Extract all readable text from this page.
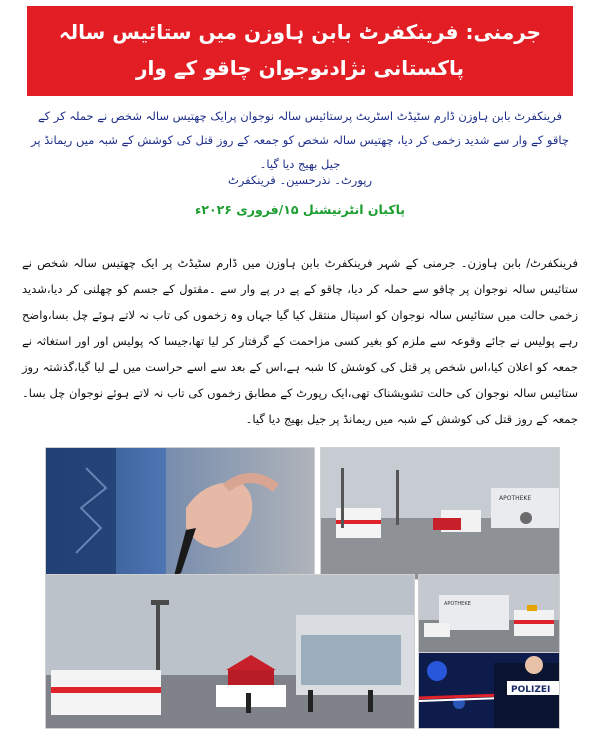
جرمنی: فرینکفرٹ بابن ہاوزن میں ستائیس سالہ پاکستانی نژادنوجوان چاقو کے وار
سے شدیدزخمی
فرینکفرٹ بابن ہاوزن ڈارم سٹیڈٹ اسٹریٹ پرستائیس سالہ نوجوان پرایک چھتیس سالہ شخص نے حملہ کر کے چاقو کے وار سے شدید زخمی کر دیا، چھتیس سالہ شخص کو جمعہ کے روز قتل کی کوشش کے شبہ میں ریمانڈ پر جیل بھیج دیا گیا۔
رپورٹ۔ نذرحسین۔ فرینکفرٹ
پاکبان انٹرنیشنل ۱۵/فروری ۲۰۲۶ء
فرینکفرٹ/ بابن ہاوزن۔ جرمنی کے شہر فرینکفرٹ بابن ہاوزن میں ڈارم سٹیڈٹ پر ایک چھتیس سالہ شخص نے ستائیس سالہ نوجوان پر چاقو سے حملہ کر دیا، چاقو کے پے در پے وار سے ۔مقتول کے جسم کو چھلنی کر دیا،شدید زخمی حالت میں ستائیس سالہ نوجوان کو اسپتال منتقل کیا گیا جہاں وہ زخموں کی تاب نہ لاتے ہوئے چل بسا،واضح رہے پولیس نے جائے وقوعہ سے ملزم کو بغیر کسی مزاحمت کے گرفتار کر لیا تھا،جیسا کہ پولیس اور اور استغاثہ نے جمعہ کو اعلان کیا،اس شخص پر قتل کی کوشش کا شبہ ہے،اس کے بعد سے اسے حراست میں لے لیا گیا،گذشتہ روز ستائیس سالہ نوجوان کی حالت تشویشناک تھی،ایک رپورٹ کے مطابق زخموں کی تاب نہ لاتے ہوئے نوجوان چل بسا۔ جمعہ کے روز قتل کی کوشش کے شبہ میں ریمانڈ پر جیل بھیج دیا گیا۔
APOTHEKE
APOTHEKE
POLIZEI
